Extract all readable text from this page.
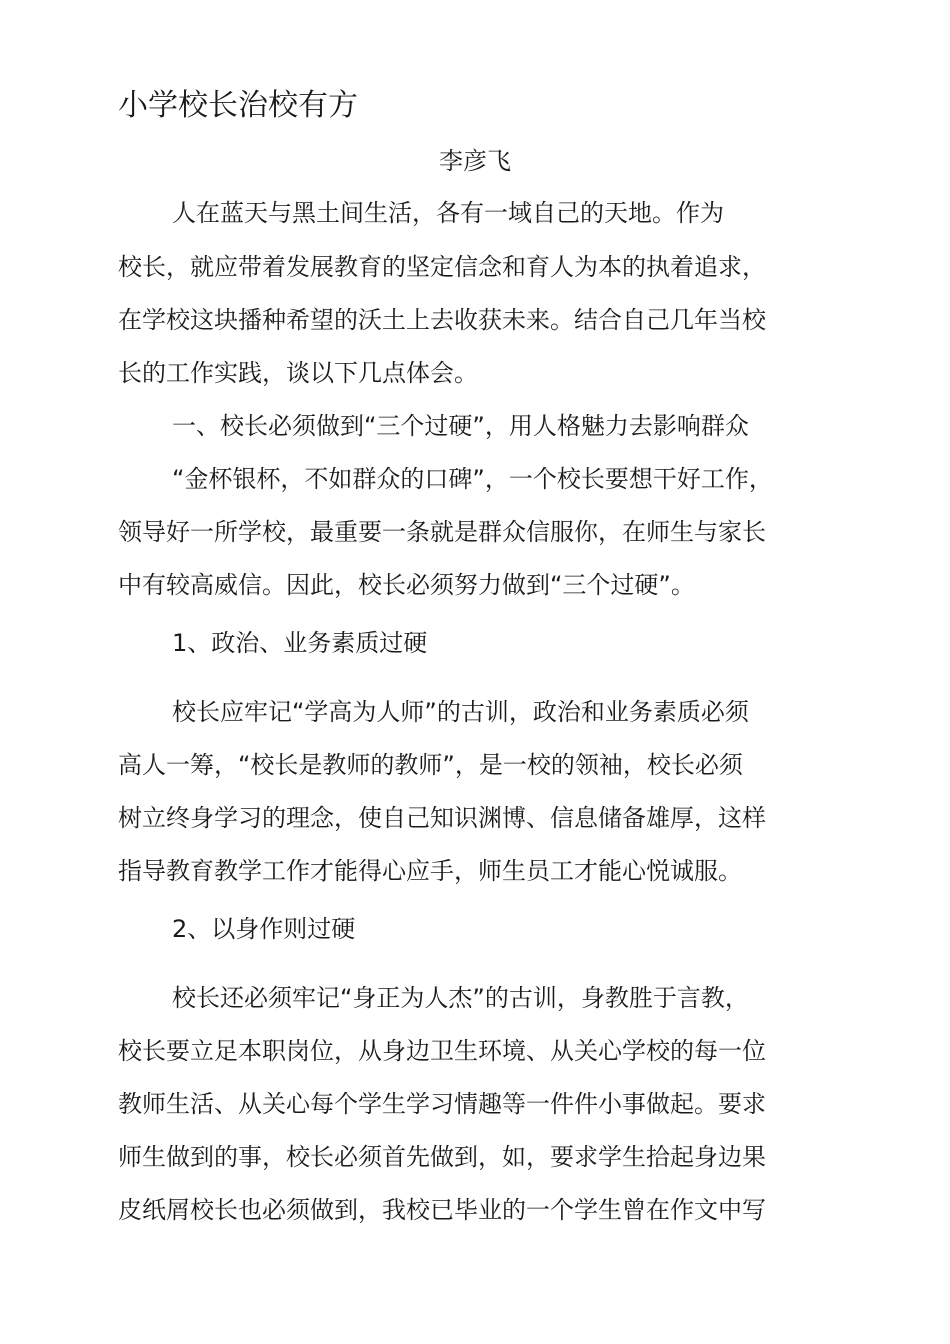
小学校长治校有方

李彦飞

人在蓝天与黑土间生活，各有一域自己的天地。作为

校长，就应带着发展教育的坚定信念和育人为本的执着追求，

在学校这块播种希望的沃土上去收获未来。结合自己几年当校

长的工作实践，谈以下几点体会。

一、校长必须做到“三个过硬”，用人格魅力去影响群众

“金杯银杯，不如群众的口碑”，一个校长要想干好工作，

领导好一所学校，最重要一条就是群众信服你，在师生与家长

中有较高威信。因此，校长必须努力做到“三个过硬”。

1、政治、业务素质过硬

校长应牢记“学高为人师”的古训，政治和业务素质必须

高人一筹，“校长是教师的教师”，是一校的领袖，校长必须

树立终身学习的理念，使自己知识渊博、信息储备雄厚，这样

指导教育教学工作才能得心应手，师生员工才能心悦诚服。

2、以身作则过硬

校长还必须牢记“身正为人杰”的古训，身教胜于言教，

校长要立足本职岗位，从身边卫生环境、从关心学校的每一位

教师生活、从关心每个学生学习情趣等一件件小事做起。要求

师生做到的事，校长必须首先做到，如，要求学生拾起身边果

皮纸屑校长也必须做到，我校已毕业的一个学生曾在作文中写
